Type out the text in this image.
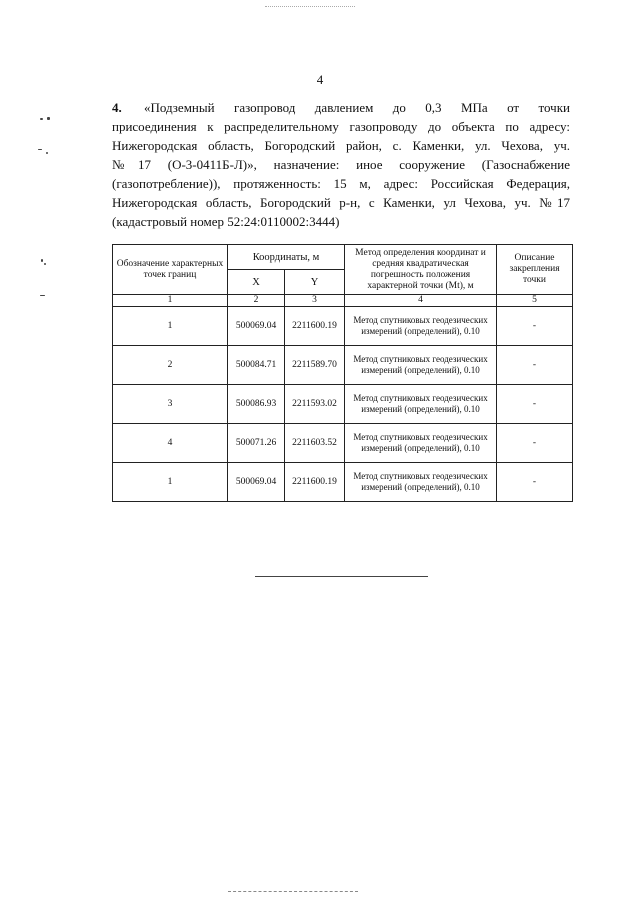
4
4. «Подземный газопровод давлением до 0,3 МПа от точки
присоединения к распределительному газопроводу до объекта по адресу:
Нижегородская область, Богородский район, с. Каменки, ул. Чехова, уч.
№17 (О-3-0411Б-Л)», назначение: иное сооружение (Газоснабжение
(газопотребление)), протяженность: 15 м, адрес: Российская Федерация,
Нижегородская область, Богородский р-н, с Каменки, ул Чехова, уч. №17
(кадастровый номер 52:24:0110002:3444)
Обозначение характерных точек границ	Координаты, м		Метод определения координат и средняя квадратическая погрешность положения характерной точки (Mt), м	Описание закрепления точки
	X	Y		
1	2	3	4	5
1	500069.04	2211600.19	Метод спутниковых геодезических измерений (определений), 0.10	-
2	500084.71	2211589.70	Метод спутниковых геодезических измерений (определений), 0.10	-
3	500086.93	2211593.02	Метод спутниковых геодезических измерений (определений), 0.10	-
4	500071.26	2211603.52	Метод спутниковых геодезических измерений (определений), 0.10	-
1	500069.04	2211600.19	Метод спутниковых геодезических измерений (определений), 0.10	-
